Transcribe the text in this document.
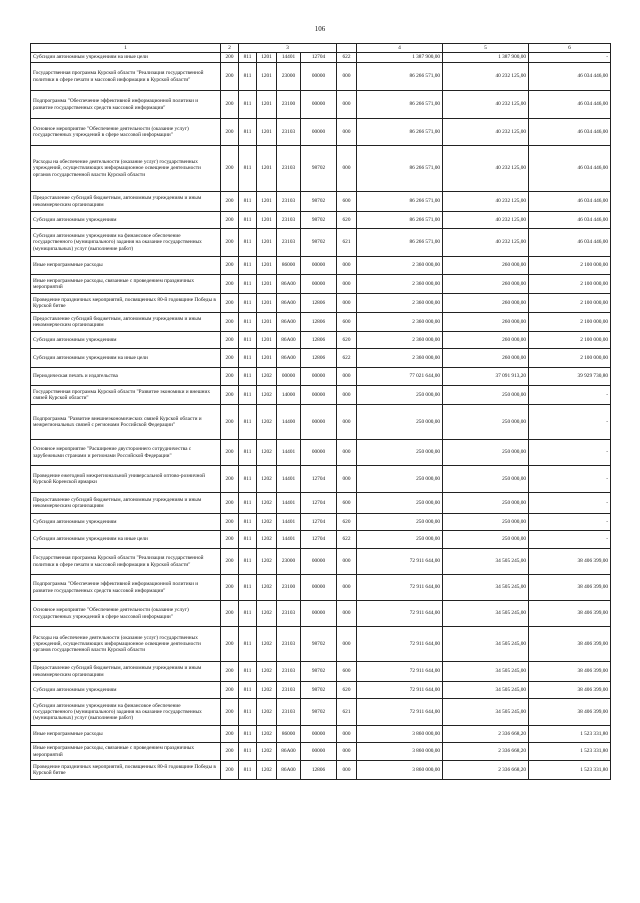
106
1	2	3					4	5	6
Субсидии автономным учреждениям на иные цели	200	811	1201	14401	12704	622	1 387 900,00	1 387 900,00	-
Государственная программа Курской области "Реализация государственной политики в сфере печати и массовой информации в Курской области"	200	811	1201	23000	00000	000	86 266 571,00	40 232 125,00	46 034 446,00
Подпрограмма "Обеспечение эффективной информационной политики и развитие государственных средств массовой информации"	200	811	1201	23100	00000	000	86 266 571,00	40 232 125,00	46 034 446,00
Основное мероприятие "Обеспечение деятельности (оказание услуг) государственных учреждений в сфере массовой информации"	200	811	1201	23103	00000	000	86 266 571,00	40 232 125,00	46 034 446,00
Расходы на обеспечение деятельности (оказание услуг) государственных учреждений, осуществляющих информационное освещение деятельности органов государственной власти Курской области	200	811	1201	23103	98702	000	86 266 571,00	40 232 125,00	46 034 446,00
Предоставление субсидий бюджетным, автономным учреждениям и иным некоммерческим организациям	200	811	1201	23103	98702	600	86 266 571,00	40 232 125,00	46 034 446,00
Субсидии автономным учреждениям	200	811	1201	23103	98702	620	86 266 571,00	40 232 125,00	46 034 446,00
Субсидии автономным учреждениям на финансовое обеспечение государственного (муниципального) задания на оказание государственных (муниципальных) услуг (выполнение работ)	200	811	1201	23103	98702	621	86 266 571,00	40 232 125,00	46 034 446,00
Иные непрограммные расходы	200	811	1201	86000	00000	000	2 360 000,00	260 000,00	2 100 000,00
Иные непрограммные расходы, связанные с проведением праздничных мероприятий	200	811	1201	86А00	00000	000	2 360 000,00	260 000,00	2 100 000,00
Проведение праздничных мероприятий, посвященных 80-й годовщине Победы в Курской битве	200	811	1201	86А00	12806	000	2 360 000,00	260 000,00	2 100 000,00
Предоставление субсидий бюджетным, автономным учреждениям и иным некоммерческим организациям	200	811	1201	86А00	12806	600	2 360 000,00	260 000,00	2 100 000,00
Субсидии автономным учреждениям	200	811	1201	86А00	12806	620	2 360 000,00	260 000,00	2 100 000,00
Субсидии автономным учреждениям на иные цели	200	811	1201	86А00	12806	622	2 360 000,00	260 000,00	2 100 000,00
Периодическая печать и издательства	200	811	1202	00000	00000	000	77 021 644,00	37 091 913,20	39 929 730,80
Государственная программа Курской области "Развитие экономики и внешних связей Курской области"	200	811	1202	14000	00000	000	250 000,00	250 000,00	-
Подпрограмма "Развитие внешнеэкономических связей Курской области и межрегиональных связей с регионами Российской Федерации"	200	811	1202	14400	00000	000	250 000,00	250 000,00	-
Основное мероприятие "Расширение двустороннего сотрудничества с зарубежными странами и регионами Российской Федерации"	200	811	1202	14401	00000	000	250 000,00	250 000,00	-
Проведение ежегодной межрегиональной универсальной оптово-розничной Курской Коренской ярмарки	200	811	1202	14401	12704	000	250 000,00	250 000,00	-
Предоставление субсидий бюджетным, автономным учреждениям и иным некоммерческим организациям	200	811	1202	14401	12704	600	250 000,00	250 000,00	-
Субсидии автономным учреждениям	200	811	1202	14401	12704	620	250 000,00	250 000,00	-
Субсидии автономным учреждениям на иные цели	200	811	1202	14401	12704	622	250 000,00	250 000,00	-
Государственная программа Курской области "Реализация государственной политики в сфере печати и массовой информации в Курской области"	200	811	1202	23000	00000	000	72 911 644,00	34 505 245,00	38 406 399,00
Подпрограмма "Обеспечение эффективной информационной политики и развитие государственных средств массовой информации"	200	811	1202	23100	00000	000	72 911 644,00	34 505 245,00	38 406 399,00
Основное мероприятие "Обеспечение деятельности (оказание услуг) государственных учреждений в сфере массовой информации"	200	811	1202	23103	00000	000	72 911 644,00	34 505 245,00	38 406 399,00
Расходы на обеспечение деятельности (оказание услуг) государственных учреждений, осуществляющих информационное освещение деятельности органов государственной власти Курской области	200	811	1202	23103	98702	000	72 911 644,00	34 505 245,00	38 406 399,00
Предоставление субсидий бюджетным, автономным учреждениям и иным некоммерческим организациям	200	811	1202	23103	98702	600	72 911 644,00	34 505 245,00	38 406 399,00
Субсидии автономным учреждениям	200	811	1202	23103	98702	620	72 911 644,00	34 505 245,00	38 406 399,00
Субсидии автономным учреждениям на финансовое обеспечение государственного (муниципального) задания на оказание государственных (муниципальных) услуг (выполнение работ)	200	811	1202	23103	98702	621	72 911 644,00	34 505 245,00	38 406 399,00
Иные непрограммные расходы	200	811	1202	86000	00000	000	3 860 000,00	2 336 668,20	1 523 331,80
Иные непрограммные расходы, связанные с проведением праздничных мероприятий	200	811	1202	86А00	00000	000	3 860 000,00	2 336 668,20	1 523 331,80
Проведение праздничных мероприятий, посвященных 80-й годовщине Победы в Курской битве	200	811	1202	86А00	12806	000	3 860 000,00	2 336 668,20	1 523 331,80
